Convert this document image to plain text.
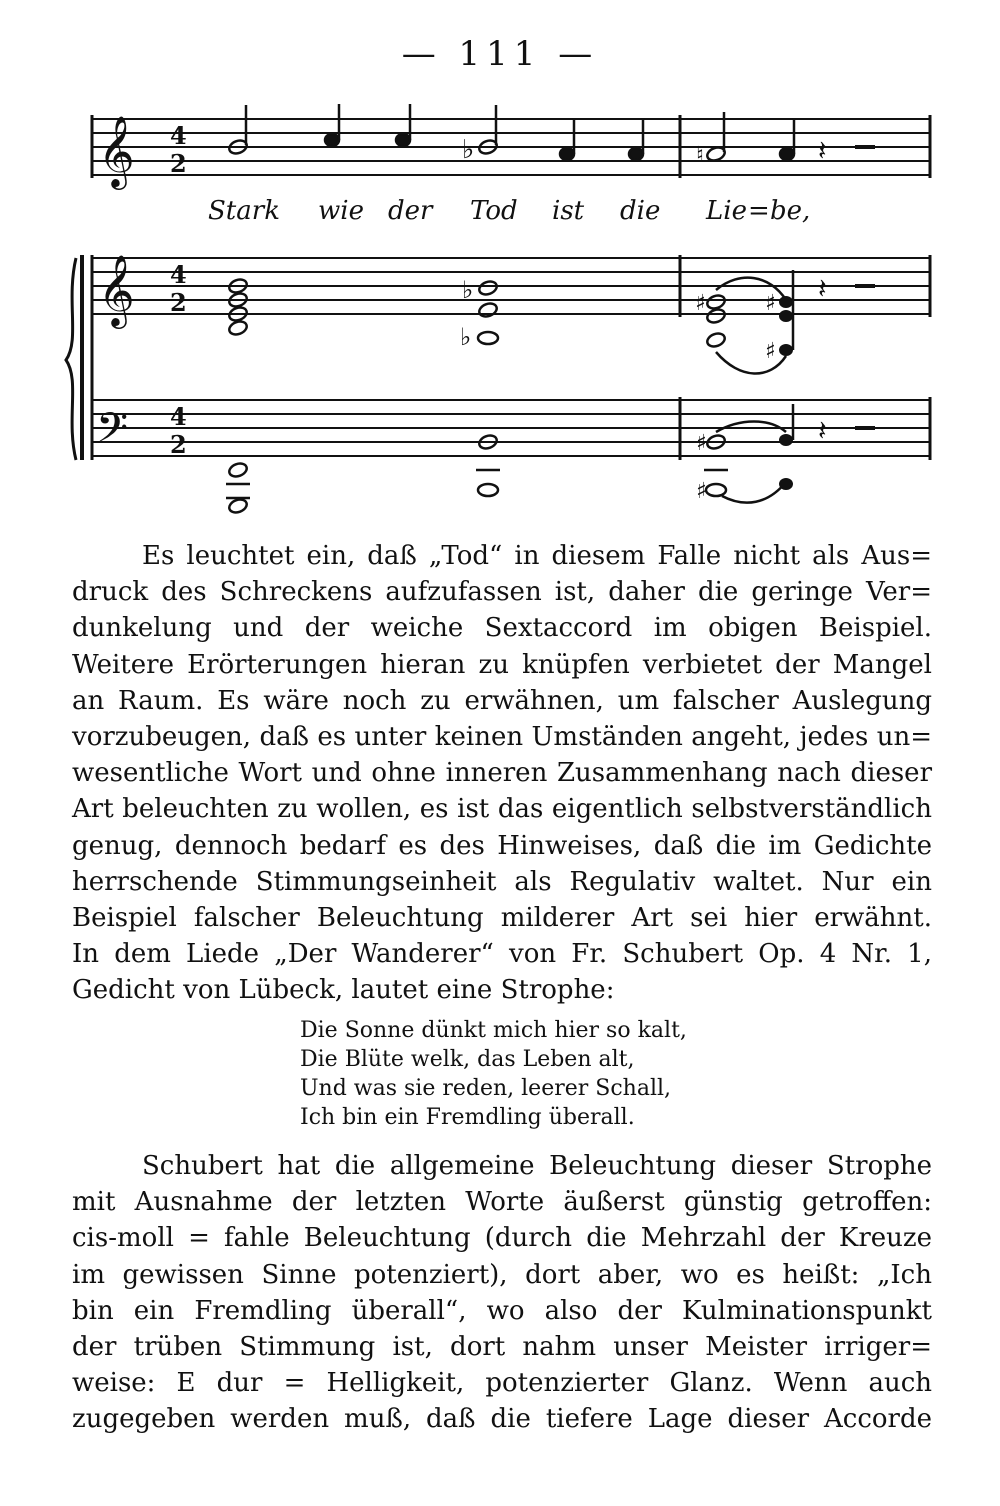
— 111 —
𝄞
𝄞
𝄢
4
2
4
2
4
2
♭	♮	𝄽
♭
♭
♯	♯
♯
𝄽
♯
♯
𝄽
Stark wie der Tod ist die Lie = be,
Es leuchtet ein, daß „Tod“ in diesem Falle nicht als Aus=
druck des Schreckens aufzufassen ist, daher die geringe Ver=
dunkelung und der weiche Sextaccord im obigen Beispiel.
Weitere Erörterungen hieran zu knüpfen verbietet der Mangel
an Raum. Es wäre noch zu erwähnen, um falscher Auslegung
vorzubeugen, daß es unter keinen Umständen angeht, jedes un=
wesentliche Wort und ohne inneren Zusammenhang nach dieser
Art beleuchten zu wollen, es ist das eigentlich selbstverständlich
genug, dennoch bedarf es des Hinweises, daß die im Gedichte
herrschende Stimmungseinheit als Regulativ waltet. Nur ein
Beispiel falscher Beleuchtung milderer Art sei hier erwähnt.
In dem Liede „Der Wanderer“ von Fr. Schubert Op. 4 Nr. 1,
Gedicht von Lübeck, lautet eine Strophe:
Die Sonne dünkt mich hier so kalt,
Die Blüte welk, das Leben alt,
Und was sie reden, leerer Schall,
Ich bin ein Fremdling überall.
Schubert hat die allgemeine Beleuchtung dieser Strophe
mit Ausnahme der letzten Worte äußerst günstig getroffen:
cis-moll = fahle Beleuchtung (durch die Mehrzahl der Kreuze
im gewissen Sinne potenziert), dort aber, wo es heißt: „Ich
bin ein Fremdling überall“, wo also der Kulminationspunkt
der trüben Stimmung ist, dort nahm unser Meister irriger=
weise: E dur = Helligkeit, potenzierter Glanz. Wenn auch
zugegeben werden muß, daß die tiefere Lage dieser Accorde
